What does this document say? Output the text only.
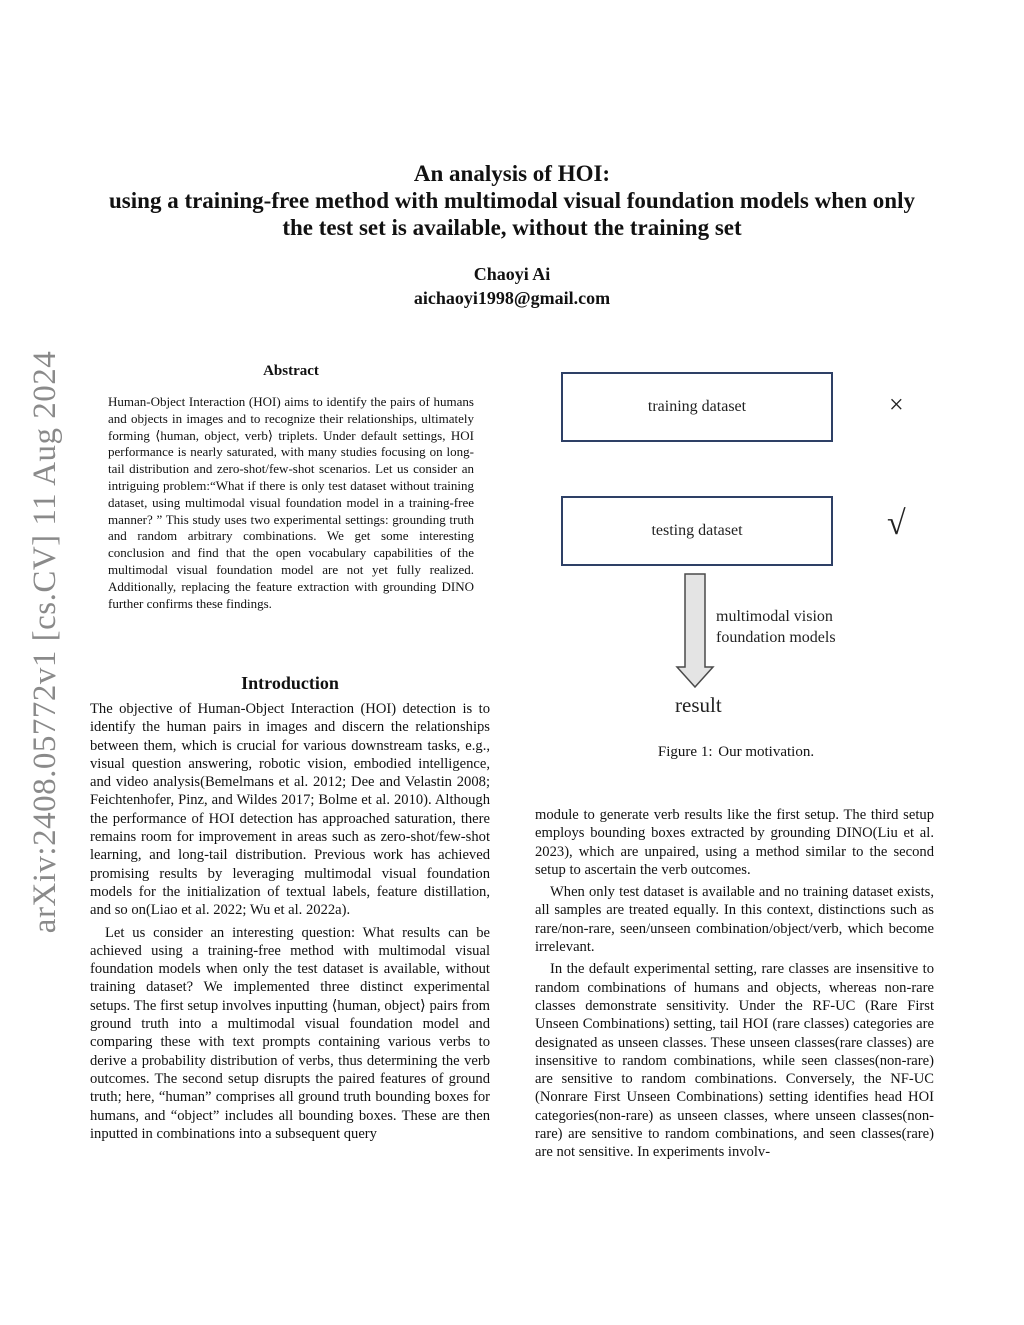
arXiv:2408.05772v1 [cs.CV] 11 Aug 2024
An analysis of HOI:
using a training-free method with multimodal visual foundation models when only
the test set is available, without the training set
Chaoyi Ai
aichaoyi1998@gmail.com
Abstract
Human-Object Interaction (HOI) aims to identify the pairs of humans and objects in images and to recognize their relationships, ultimately forming ⟨human, object, verb⟩ triplets. Under default settings, HOI performance is nearly saturated, with many studies focusing on long-tail distribution and zero-shot/few-shot scenarios. Let us consider an intriguing problem:“What if there is only test dataset without training dataset, using multimodal visual foundation model in a training-free manner? ” This study uses two experimental settings: grounding truth and random arbitrary combinations. We get some interesting conclusion and find that the open vocabulary capabilities of the multimodal visual foundation model are not yet fully realized. Additionally, replacing the feature extraction with grounding DINO further confirms these findings.
Introduction

The objective of Human-Object Interaction (HOI) detection is to identify the human pairs in images and discern the relationships between them, which is crucial for various downstream tasks, e.g., visual question answering, robotic vision, embodied intelligence, and video analysis(Bemelmans et al. 2012; Dee and Velastin 2008; Feichtenhofer, Pinz, and Wildes 2017; Bolme et al. 2010). Although the performance of HOI detection has approached saturation, there remains room for improvement in areas such as zero-shot/few-shot learning, and long-tail distribution. Previous work has achieved promising results by leveraging multimodal visual foundation models for the initialization of textual labels, feature distillation, and so on(Liao et al. 2022; Wu et al. 2022a).

Let us consider an interesting question: What results can be achieved using a training-free method with multimodal visual foundation models when only the test dataset is available, without training dataset? We implemented three distinct experimental setups. The first setup involves inputting ⟨human, object⟩ pairs from ground truth into a multimodal visual foundation model and comparing these with text prompts containing various verbs to derive a probability distribution of verbs, thus determining the verb outcomes. The second setup disrupts the paired features of ground truth; here, “human” comprises all ground truth bounding boxes for humans, and “object” includes all bounding boxes. These are then inputted in combinations into a subsequent query

training dataset	×
testing dataset	√
multimodal vision
foundation models
result
Figure 1: Our motivation.

module to generate verb results like the first setup. The third setup employs bounding boxes extracted by grounding DINO(Liu et al. 2023), which are unpaired, using a method similar to the second setup to ascertain the verb outcomes.

When only test dataset is available and no training dataset exists, all samples are treated equally. In this context, distinctions such as rare/non-rare, seen/unseen combination/object/verb, which become irrelevant.

In the default experimental setting, rare classes are insensitive to random combinations of humans and objects, whereas non-rare classes demonstrate sensitivity. Under the RF-UC (Rare First Unseen Combinations) setting, tail HOI (rare classes) categories are designated as unseen classes. These unseen classes(rare classes) are insensitive to random combinations, while seen classes(non-rare) are sensitive to random combinations. Conversely, the NF-UC (Nonrare First Unseen Combinations) setting identifies head HOI categories(non-rare) as unseen classes, where unseen classes(non-rare) are sensitive to random combinations, and seen classes(rare) are not sensitive. In experiments involv-
